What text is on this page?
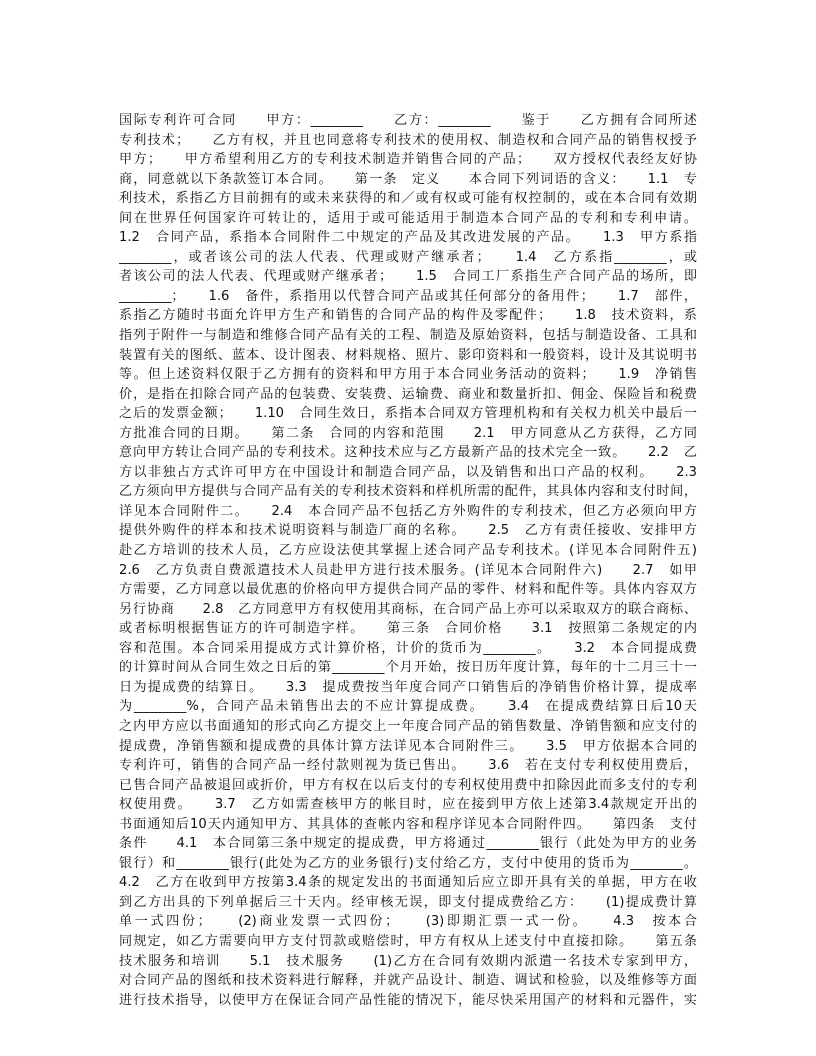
国际专利许可合同　　甲方：________　　乙方：________　　鉴于　　乙方拥有合同所述
专利技术；　　乙方有权，并且也同意将专利技术的使用权、制造权和合同产品的销售权授予
甲方；　　甲方希望利用乙方的专利技术制造并销售合同的产品；　　双方授权代表经友好协
商，同意就以下条款签订本合同。　　第一条　定义　　本合同下列词语的含义：　　1.1　专
利技术，系指乙方目前拥有的或未来获得的和／或有权或可能有权控制的，或在本合同有效期
间在世界任何国家许可转让的，适用于或可能适用于制造本合同产品的专利和专利申请。
1.2　合同产品，系指本合同附件二中规定的产品及其改进发展的产品。　　1.3　甲方系指
________，或者该公司的法人代表、代理或财产继承者；　　1.4　乙方系指________，或
者该公司的法人代表、代理或财产继承者；　　1.5　合同工厂系指生产合同产品的场所，即
________；　　1.6　备件，系指用以代替合同产品或其任何部分的备用件；　　1.7　部件，
系指乙方随时书面允许甲方生产和销售的合同产品的构件及零配件；　　1.8　技术资料，系
指列于附件一与制造和维修合同产品有关的工程、制造及原始资料，包括与制造设备、工具和
装置有关的图纸、蓝本、设计图表、材料规格、照片、影印资料和一般资料，设计及其说明书
等。但上述资料仅限于乙方拥有的资料和甲方用于本合同业务活动的资料；　　1.9　净销售
价，是指在扣除合同产品的包装费、安装费、运输费、商业和数量折扣、佣金、保险旨和税费
之后的发票金额；　　1.10　合同生效日，系指本合同双方管理机构和有关权力机关中最后一
方批准合同的日期。　　第二条　合同的内容和范围　　2.1　甲方同意从乙方获得，乙方同
意向甲方转让合同产品的专利技术。这种技术应与乙方最新产品的技术完全一致。　　2.2　乙
方以非独占方式许可甲方在中国设计和制造合同产品，以及销售和出口产品的权利。　　2.3
乙方须向甲方提供与合同产品有关的专利技术资料和样机所需的配件，其具体内容和支付时间，
详见本合同附件二。　　2.4　本合同产品不包括乙方外购件的专利技术，但乙方必须向甲方
提供外购件的样本和技术说明资料与制造厂商的名称。　　2.5　乙方有责任接收、安排甲方
赴乙方培训的技术人员，乙方应设法使其掌握上述合同产品专利技术。(详见本合同附件五)
2.6　乙方负责自费派遣技术人员赴甲方进行技术服务。(详见本合同附件六)　　2.7　如甲
方需要，乙方同意以最优惠的价格向甲方提供合同产品的零件、材料和配件等。具体内容双方
另行协商　　2.8　乙方同意甲方有权使用其商标，在合同产品上亦可以采取双方的联合商标、
或者标明根据售证方的许可制造字样。　　第三条　合同价格　　3.1　按照第二条规定的内
容和范围。本合同采用提成方式计算价格，计价的货币为________。　　3.2　本合同提成费
的计算时间从合同生效之日后的第________个月开始，按日历年度计算，每年的十二月三十一
日为提成费的结算日。　　3.3　提成费按当年度合同产口销售后的净销售价格计算，提成率
为________%，合同产品未销售出去的不应计算提成费。　　3.4　在提成费结算日后10天
之内甲方应以书面通知的形式向乙方提交上一年度合同产品的销售数量、净销售额和应支付的
提成费，净销售额和提成费的具体计算方法详见本合同附件三。　　3.5　甲方依据本合同的
专利许可，销售的合同产品一经付款则视为货已售出。　　3.6　若在支付专利权使用费后，
已售合同产品被退回或折价，甲方有权在以后支付的专利权使用费中扣除因此而多支付的专利
权使用费。　　3.7　乙方如需查核甲方的帐目时，应在接到甲方依上述第3.4款规定开出的
书面通知后10天内通知甲方、其具体的查帐内容和程序详见本合同附件四。　　第四条　支付
条件　　4.1　本合同第三条中规定的提成费，甲方将通过________银行（此处为甲方的业务
银行）和________银行(此处为乙方的业务银行)支付给乙方，支付中使用的货币为________。
4.2　乙方在收到甲方按第3.4条的规定发出的书面通知后应立即开具有关的单据，甲方在收
到乙方出具的下列单据后三十天内。经审核无误，即支付提成费给乙方：　　(1)提成费计算
单一式四份；　　(2)商业发票一式四份；　　(3)即期汇票一式一份。　　4.3　按本合
同规定，如乙方需要向甲方支付罚款或赔偿时，甲方有权从上述支付中直接扣除。　　第五条
技术服务和培训　　5.1　技术服务　　(1)乙方在合同有效期内派遣一名技术专家到甲方，
对合同产品的图纸和技术资料进行解释，并就产品设计、制造、调试和检验，以及维修等方面
进行技术指导，以使甲方在保证合同产品性能的情况下，能尽快采用国产的材料和元器件，实
